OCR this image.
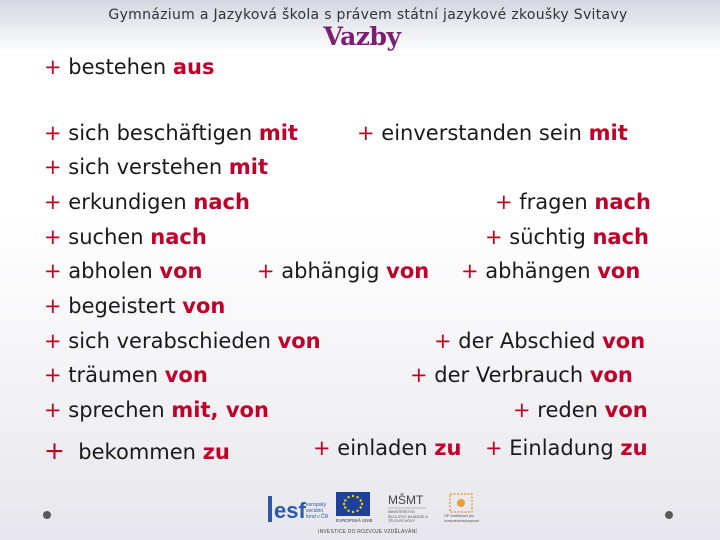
Gymnázium a Jazyková škola s právem státní jazykové zkoušky Svitavy
Vazby
+ bestehen aus
+ sich beschäftigen mit	+ einverstanden sein mit
+ sich verstehen mit
+ erkundigen nach	+ fragen nach
+ suchen nach	+ süchtig nach
+ abholen von	+ abhängig von + abhängen von
+ begeistert von
+ sich verabschieden von	+ der Abschied von
+ träumen von	+ der Verbrauch von
+ sprechen mit, von	+ reden von
+  bekommen zu	+ einladen zu + Einladung zu
esf evropský sociální fond v ČR
EVROPSKÁ UNIE
MŠMT
MINISTERSTVO ŠKOLSTVÍ, MLÁDEŽE A TĚLOVÝCHOVY
OP Vzdělávání pro konkurenceschopnost
INVESTICE DO ROZVOJE VZDĚLÁVÁNÍ
